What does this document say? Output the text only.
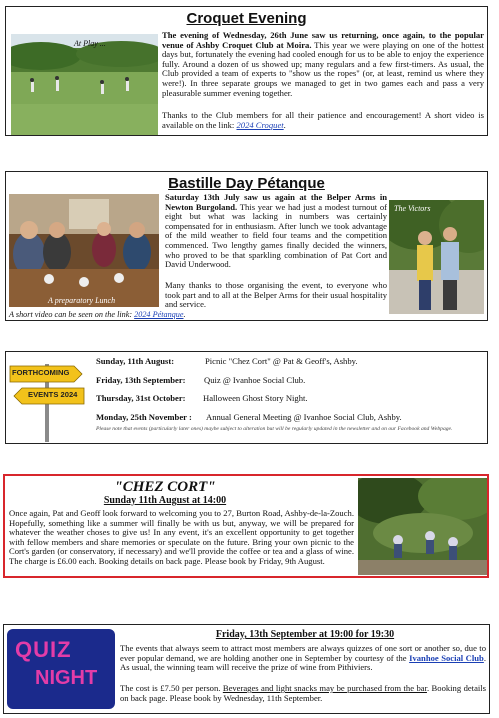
Croquet Evening
At Play ...

The evening of Wednesday, 26th June saw us returning, once again, to the popular venue of Ashby Croquet Club at Moira. This year we were playing on one of the hottest days but, fortunately the evening had cooled enough for us to be able to enjoy the experience fully. Around a dozen of us showed up; many regulars and a few first-timers. As usual, the Club provided a team of experts to "show us the ropes" (or, at least, remind us where they were!). In three separate groups we managed to get in two games each and pass a very pleasurable summer evening together.

Thanks to the Club members for all their patience and encouragement! A short video is available on the link: 2024 Croquet.

Bastille Day Pétanque
A preparatory Lunch

Saturday 13th July saw us again at the Belper Arms in Newton Burgoland. This year we had just a modest turnout of eight but what was lacking in numbers was certainly compensated for in enthusiasm. After lunch we took advantage of the mild weather to field four teams and the competition commenced. Two lengthy games finally decided the winners, who proved to be that sparkling combination of Pat Cort and David Underwood.

Many thanks to those organising the event, to everyone who took part and to all at the Belper Arms for their usual hospitality and service.

The Victors

A short video can be seen on the link: 2024 Pétanque.

FORTHCOMING
EVENTS 2024
Sunday, 11th August:	Picnic "Chez Cort" @ Pat & Geoff's, Ashby.
Friday, 13th September: Quiz @ Ivanhoe Social Club.
Thursday, 31st October: Halloween Ghost Story Night.
Monday, 25th November : Annual General Meeting @ Ivanhoe Social Club, Ashby.

Please note that events (particularly later ones) maybe subject to alteration but will be regularly updated in the newsletter and on our Facebook and Webpage.

"CHEZ CORT"
Sunday 11th August at 14:00

Once again, Pat and Geoff look forward to welcoming you to 27, Burton Road, Ashby-de-la-Zouch. Hopefully, something like a summer will finally be with us but, anyway, we will be prepared for whatever the weather choses to give us! In any event, it's an excellent opportunity to get together with fellow members and share memories or speculate on the future. Bring your own picnic to the Cort's garden (or conservatory, if necessary) and we'll provide the coffee or tea and a glass of wine. The charge is £6.00 each. Booking details on back page. Please book by Friday, 9th August.

QUIZ
NIGHT
Friday, 13th September at 19:00 for 19:30

The events that always seem to attract most members are always quizzes of one sort or another so, due to ever popular demand, we are holding another one in September by courtesy of the Ivanhoe Social Club. As usual, the winning team will receive the prize of wine from Pithiviers.

The cost is £7.50 per person. Beverages and light snacks may be purchased from the bar. Booking details on back page. Please book by Wednesday, 11th September.
